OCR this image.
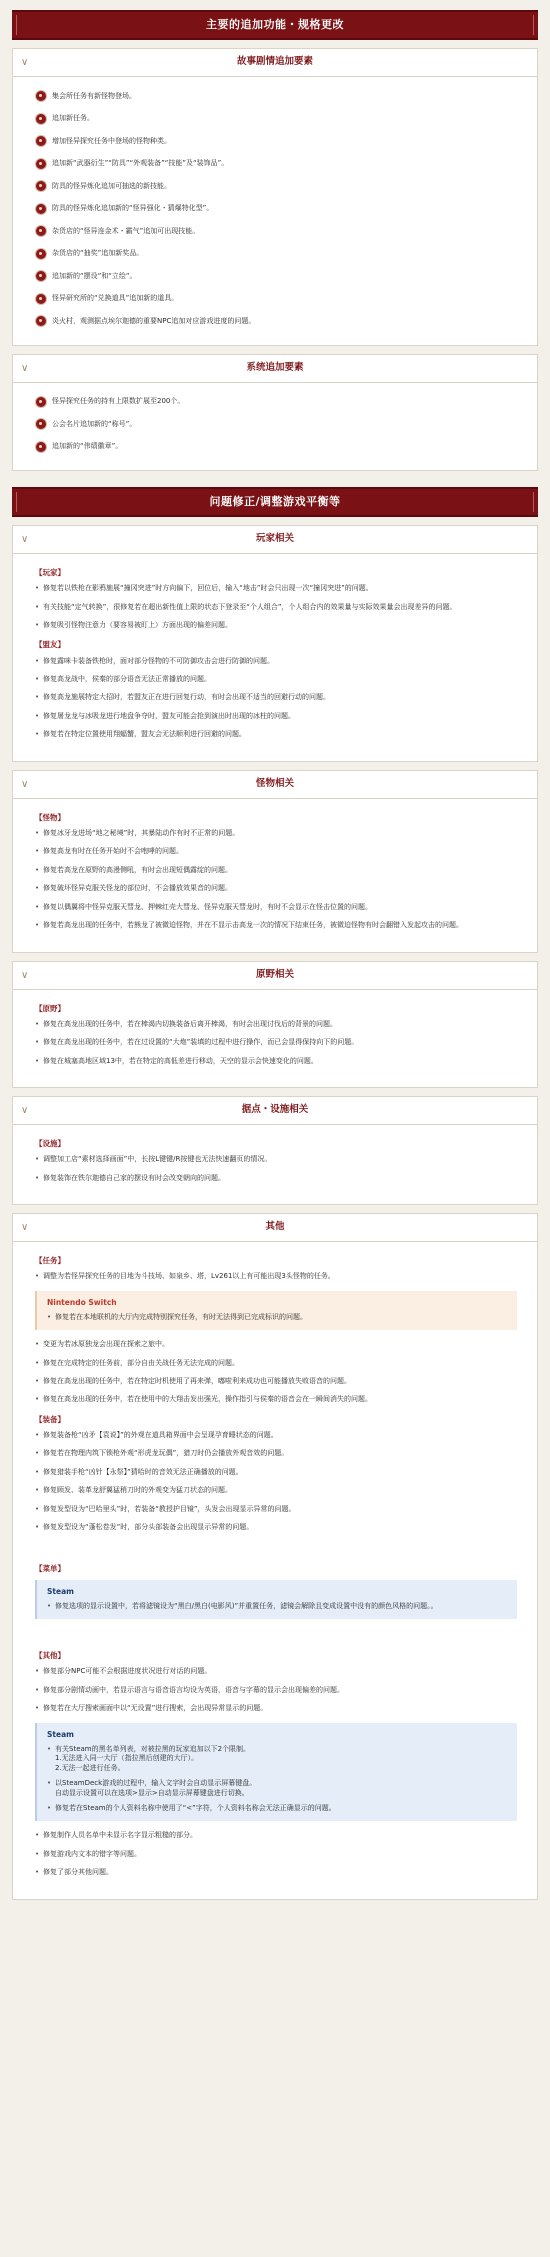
主要的追加功能・规格更改
∨	故事剧情追加要素
集会所任务有新怪物登场。
追加新任务。
增加怪异探究任务中登场的怪物种类。
追加新“武器衍生”“防具”“外观装备”“技能”及“装饰品”。
防具的怪异炼化追加可抽选的新技能。
防具的怪异炼化追加新的“怪异强化・猜爆特化型”。
杂货店的“怪异连金术・霸气”追加可出现技能。
杂货店的“抽奖”追加新奖品。
追加新的“摆设”和“立绘”。
怪异研究所的“兑换道具”追加新的道具。
炎火村，观测据点埃尔迦德的重要NPC追加对应游戏进度的问题。
∨	系统追加要素
怪异探究任务的持有上限数扩展至200个。
公会名片追加新的“称号”。
追加新的“伟绩徽章”。
问题修正/调整游戏平衡等
∨	玩家相关
【玩家】
• 修复若以铁枪在影鸦施展“撞冈突进”时方向偏下，回位后，输入“地击”时会只出现一次“撞冈突进”的问题。
• 有关技能“定气转换”，很修复若在超出新性值上限的状态下登录至“个人组合”，个人组合内的效果量与实际效果量会出现差异的问题。
• 修复吸引怪物注意力（要容易被盯上）方面出现的偏差问题。
【盟友】
• 修复露咪卡装备铁枪时，面对部分怪物的不可防御攻击会进行防御的问题。
• 修复高龙战中，侯秦的部分语音无法正常播放的问题。
• 修复高龙施展特定大招时，若盟友正在进行回复行动，有时会出现不适当的回避行动的问题。
• 修复屠龙龙与冰吸龙进行地盘争夺时，盟友可能会抢到演出时出现的冰柱的问题。
• 修复若在特定位置使用翔蝠蟹，盟友会无法顺利进行回避的问题。
∨	怪物相关
【怪物】
• 修复冰牙龙进场“地之秘境”时，其暴陆动作有时不正常的问题。
• 修复高龙有时在任务开始时不会咆哮的问题。
• 修复若高龙在原野的高漫侧吼，有时会出现短偶露绽的问题。
• 修复破坏怪异克服关怪龙的部位时，不会播放效果音的问题。
• 修复以偶翼将中怪异克服天彗龙、押棘红壳大彗龙、怪异克服天彗龙时，有时不会显示在怪击位置的问题。
• 修复若高龙出现的任务中，若熊龙了被微迫怪物，并在不显示击高龙一次的情况下结束任务，被微迫怪物有时会翻错入发起攻击的问题。
∨	原野相关
【原野】
• 修复在高龙出现的任务中，若在棒渴内切换装备后离开棒渴，有时会出现讨伐后的背景的问题。
• 修复在高龙出现的任务中，若在过设置的“大炮”装填的过程中进行操作，而已会显得保持向下的问题。
• 修复在城塞高地区域13中，若在特定的高低差进行移动，天空的显示会快速变化的问题。
∨	据点・设施相关
【设施】
• 调整加工店“素材选择画面”中，长按L键键/R按键也无法快速翻页的情况。
• 修复装饰在铁尔迦德自己家的摆设有时会改变朝向的问题。
∨	其他
【任务】
• 调整为若怪异探究任务的目地为斗技场、如泉乡、塔，Lv261以上有可能出现3头怪物的任务。
Nintendo Switch
• 修复若在本地联机的大厅内完成特别探究任务，有时无法得到已完成标识的问题。
• 变更为若冰原独龙会出现在探索之旅中。
• 修复在完成特定的任务前，部分自由关战任务无法完成的问题。
• 修复在高龙出现的任务中，若在特定时机使用了再来弹，嘟啦利来成功也可能播放失败语音的问题。
• 修复在高龙出现的任务中，若在使用中的大翔击发出强光，操作指引与侯秦的语音会在一瞬间消失的问题。
【装备】
• 修复装备枪“凶矛【袁说】”的外观在道具箱界面中会呈现孕育睡状态的问题。
• 修复若在物理内筑下锁枪外观“形虎龙玩偶”，猎刀时仍会播放外观音效的问题。
• 修复猎装手枪“凶针【永祭】”猜哈时的音效无法正确播放的问题。
• 修复顾发、装革龙舒翼猛稍刀时的外观变为猛刀状态的问题。
• 修复发型设为“巴哈里头”时，若装备“教授护目镜”，头发会出现显示异常的问题。
• 修复发型设为“蓬松卷发”时，部分头部装备会出现显示异常的问题。
【菜单】
Steam
• 修复选项的显示设置中，若将滤镜设为“黑白/黑白(电影风)”并重置任务，滤镜会解除且变成设置中没有的颜色风格的问题。。
【其他】
• 修复部分NPC可能不会根据进度状况进行对话的问题。
• 修复部分剧情动画中，若显示语言与语音语言均设为英语，语音与字幕的显示会出现偏差的问题。
• 修复若在大厅搜索画面中以“无设置”进行搜索，会出现异常显示的问题。
Steam
• 有关Steam的黑名单列表，对被拉黑的玩家追加以下2个限制。
1.无法进入同一大厅（指拉黑后创建的大厅）。
2.无法一起进行任务。
• 以SteamDeck游戏的过程中，输入文字时会自动显示屏幕键盘。
自动显示设置可以在选项>显示>自动显示屏幕键盘进行切换。
• 修复若在Steam的个人资料名称中使用了“<”字符，个人资料名称会无法正确显示的问题。
• 修复制作人员名单中未显示名字显示粗糙的部分。
• 修复游戏内文本的错字等问题。
• 修复了部分其他问题。
